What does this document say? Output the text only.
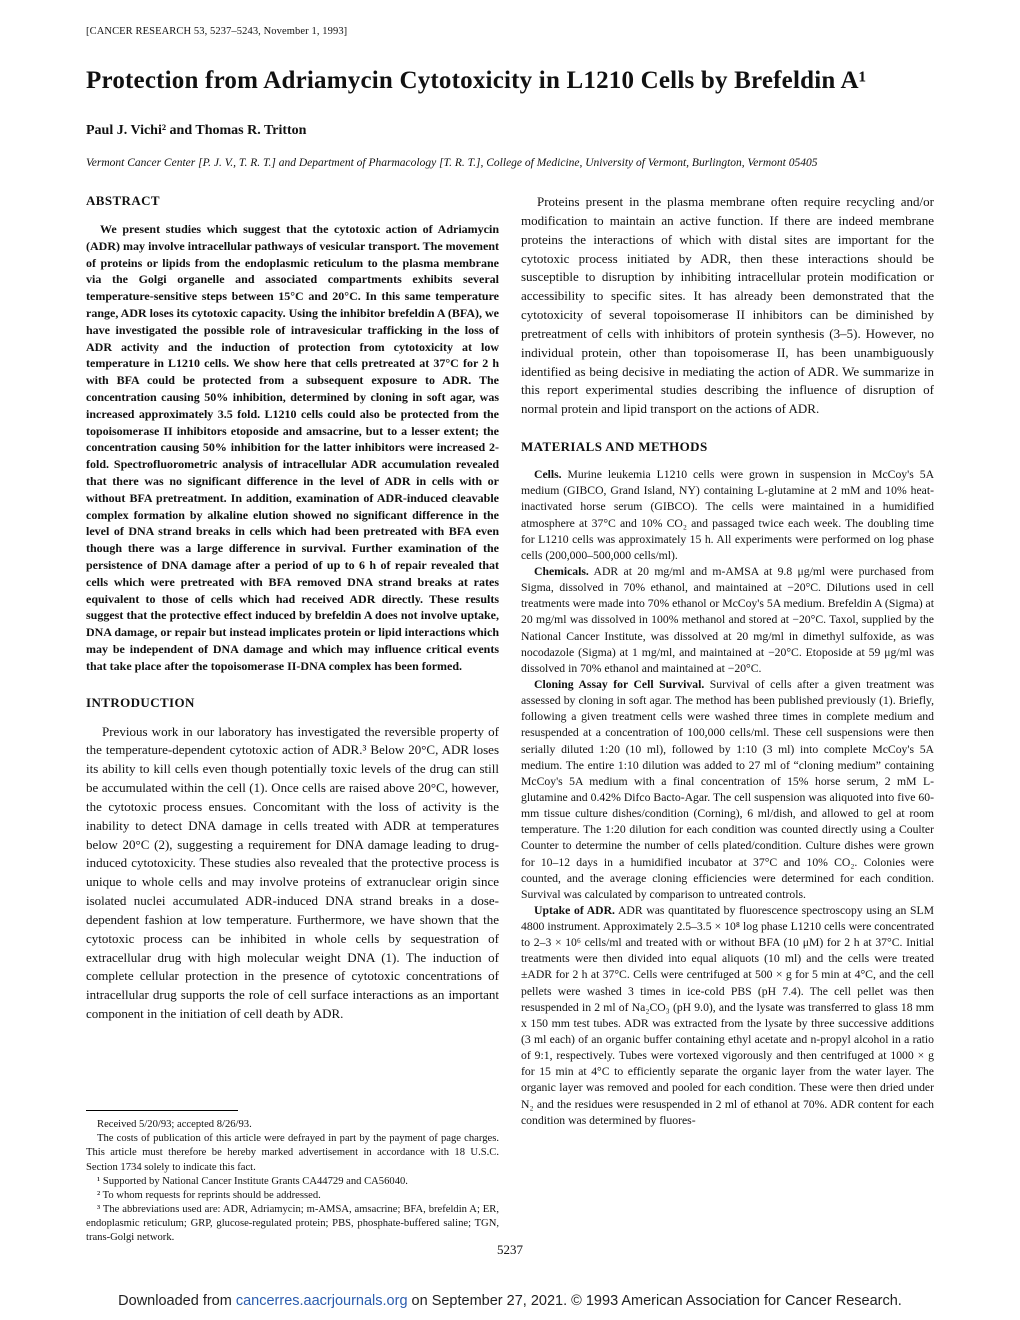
[CANCER RESEARCH 53, 5237–5243, November 1, 1993]
Protection from Adriamycin Cytotoxicity in L1210 Cells by Brefeldin A¹
Paul J. Vichi² and Thomas R. Tritton
Vermont Cancer Center [P. J. V., T. R. T.] and Department of Pharmacology [T. R. T.], College of Medicine, University of Vermont, Burlington, Vermont 05405
ABSTRACT

We present studies which suggest that the cytotoxic action of Adriamycin (ADR) may involve intracellular pathways of vesicular transport. The movement of proteins or lipids from the endoplasmic reticulum to the plasma membrane via the Golgi organelle and associated compartments exhibits several temperature-sensitive steps between 15°C and 20°C. In this same temperature range, ADR loses its cytotoxic capacity. Using the inhibitor brefeldin A (BFA), we have investigated the possible role of intravesicular trafficking in the loss of ADR activity and the induction of protection from cytotoxicity at low temperature in L1210 cells. We show here that cells pretreated at 37°C for 2 h with BFA could be protected from a subsequent exposure to ADR. The concentration causing 50% inhibition, determined by cloning in soft agar, was increased approximately 3.5 fold. L1210 cells could also be protected from the topoisomerase II inhibitors etoposide and amsacrine, but to a lesser extent; the concentration causing 50% inhibition for the latter inhibitors were increased 2-fold. Spectrofluorometric analysis of intracellular ADR accumulation revealed that there was no significant difference in the level of ADR in cells with or without BFA pretreatment. In addition, examination of ADR-induced cleavable complex formation by alkaline elution showed no significant difference in the level of DNA strand breaks in cells which had been pretreated with BFA even though there was a large difference in survival. Further examination of the persistence of DNA damage after a period of up to 6 h of repair revealed that cells which were pretreated with BFA removed DNA strand breaks at rates equivalent to those of cells which had received ADR directly. These results suggest that the protective effect induced by brefeldin A does not involve uptake, DNA damage, or repair but instead implicates protein or lipid interactions which may be independent of DNA damage and which may influence critical events that take place after the topoisomerase II-DNA complex has been formed.

INTRODUCTION

Previous work in our laboratory has investigated the reversible property of the temperature-dependent cytotoxic action of ADR.³ Below 20°C, ADR loses its ability to kill cells even though potentially toxic levels of the drug can still be accumulated within the cell (1). Once cells are raised above 20°C, however, the cytotoxic process ensues. Concomitant with the loss of activity is the inability to detect DNA damage in cells treated with ADR at temperatures below 20°C (2), suggesting a requirement for DNA damage leading to drug-induced cytotoxicity. These studies also revealed that the protective process is unique to whole cells and may involve proteins of extranuclear origin since isolated nuclei accumulated ADR-induced DNA strand breaks in a dose-dependent fashion at low temperature. Furthermore, we have shown that the cytotoxic process can be inhibited in whole cells by sequestration of extracellular drug with high molecular weight DNA (1). The induction of complete cellular protection in the presence of cytotoxic concentrations of intracellular drug supports the role of cell surface interactions as an important component in the initiation of cell death by ADR.

Received 5/20/93; accepted 8/26/93.

The costs of publication of this article were defrayed in part by the payment of page charges. This article must therefore be hereby marked advertisement in accordance with 18 U.S.C. Section 1734 solely to indicate this fact.

¹ Supported by National Cancer Institute Grants CA44729 and CA56040.

² To whom requests for reprints should be addressed.

³ The abbreviations used are: ADR, Adriamycin; m-AMSA, amsacrine; BFA, brefeldin A; ER, endoplasmic reticulum; GRP, glucose-regulated protein; PBS, phosphate-buffered saline; TGN, trans-Golgi network.

Proteins present in the plasma membrane often require recycling and/or modification to maintain an active function. If there are indeed membrane proteins the interactions of which with distal sites are important for the cytotoxic process initiated by ADR, then these interactions should be susceptible to disruption by inhibiting intracellular protein modification or accessibility to specific sites. It has already been demonstrated that the cytotoxicity of several topoisomerase II inhibitors can be diminished by pretreatment of cells with inhibitors of protein synthesis (3–5). However, no individual protein, other than topoisomerase II, has been unambiguously identified as being decisive in mediating the action of ADR. We summarize in this report experimental studies describing the influence of disruption of normal protein and lipid transport on the actions of ADR.

MATERIALS AND METHODS

Cells. Murine leukemia L1210 cells were grown in suspension in McCoy's 5A medium (GIBCO, Grand Island, NY) containing L-glutamine at 2 mM and 10% heat-inactivated horse serum (GIBCO). The cells were maintained in a humidified atmosphere at 37°C and 10% CO₂ and passaged twice each week. The doubling time for L1210 cells was approximately 15 h. All experiments were performed on log phase cells (200,000–500,000 cells/ml).

Chemicals. ADR at 20 mg/ml and m-AMSA at 9.8 μg/ml were purchased from Sigma, dissolved in 70% ethanol, and maintained at −20°C. Dilutions used in cell treatments were made into 70% ethanol or McCoy's 5A medium. Brefeldin A (Sigma) at 20 mg/ml was dissolved in 100% methanol and stored at −20°C. Taxol, supplied by the National Cancer Institute, was dissolved at 20 mg/ml in dimethyl sulfoxide, as was nocodazole (Sigma) at 1 mg/ml, and maintained at −20°C. Etoposide at 59 μg/ml was dissolved in 70% ethanol and maintained at −20°C.

Cloning Assay for Cell Survival. Survival of cells after a given treatment was assessed by cloning in soft agar. The method has been published previously (1). Briefly, following a given treatment cells were washed three times in complete medium and resuspended at a concentration of 100,000 cells/ml. These cell suspensions were then serially diluted 1:20 (10 ml), followed by 1:10 (3 ml) into complete McCoy's 5A medium. The entire 1:10 dilution was added to 27 ml of “cloning medium” containing McCoy's 5A medium with a final concentration of 15% horse serum, 2 mM L-glutamine and 0.42% Difco Bacto-Agar. The cell suspension was aliquoted into five 60-mm tissue culture dishes/condition (Corning), 6 ml/dish, and allowed to gel at room temperature. The 1:20 dilution for each condition was counted directly using a Coulter Counter to determine the number of cells plated/condition. Culture dishes were grown for 10–12 days in a humidified incubator at 37°C and 10% CO₂. Colonies were counted, and the average cloning efficiencies were determined for each condition. Survival was calculated by comparison to untreated controls.

Uptake of ADR. ADR was quantitated by fluorescence spectroscopy using an SLM 4800 instrument. Approximately 2.5–3.5 × 10⁸ log phase L1210 cells were concentrated to 2–3 × 10⁶ cells/ml and treated with or without BFA (10 μM) for 2 h at 37°C. Initial treatments were then divided into equal aliquots (10 ml) and the cells were treated ±ADR for 2 h at 37°C. Cells were centrifuged at 500 × g for 5 min at 4°C, and the cell pellets were washed 3 times in ice-cold PBS (pH 7.4). The cell pellet was then resuspended in 2 ml of Na₂CO₃ (pH 9.0), and the lysate was transferred to glass 18 mm x 150 mm test tubes. ADR was extracted from the lysate by three successive additions (3 ml each) of an organic buffer containing ethyl acetate and n-propyl alcohol in a ratio of 9:1, respectively. Tubes were vortexed vigorously and then centrifuged at 1000 × g for 15 min at 4°C to efficiently separate the organic layer from the water layer. The organic layer was removed and pooled for each condition. These were then dried under N₂ and the residues were resuspended in 2 ml of ethanol at 70%. ADR content for each condition was determined by fluores-

5237
Downloaded from cancerres.aacrjournals.org on September 27, 2021. © 1993 American Association for Cancer Research.
